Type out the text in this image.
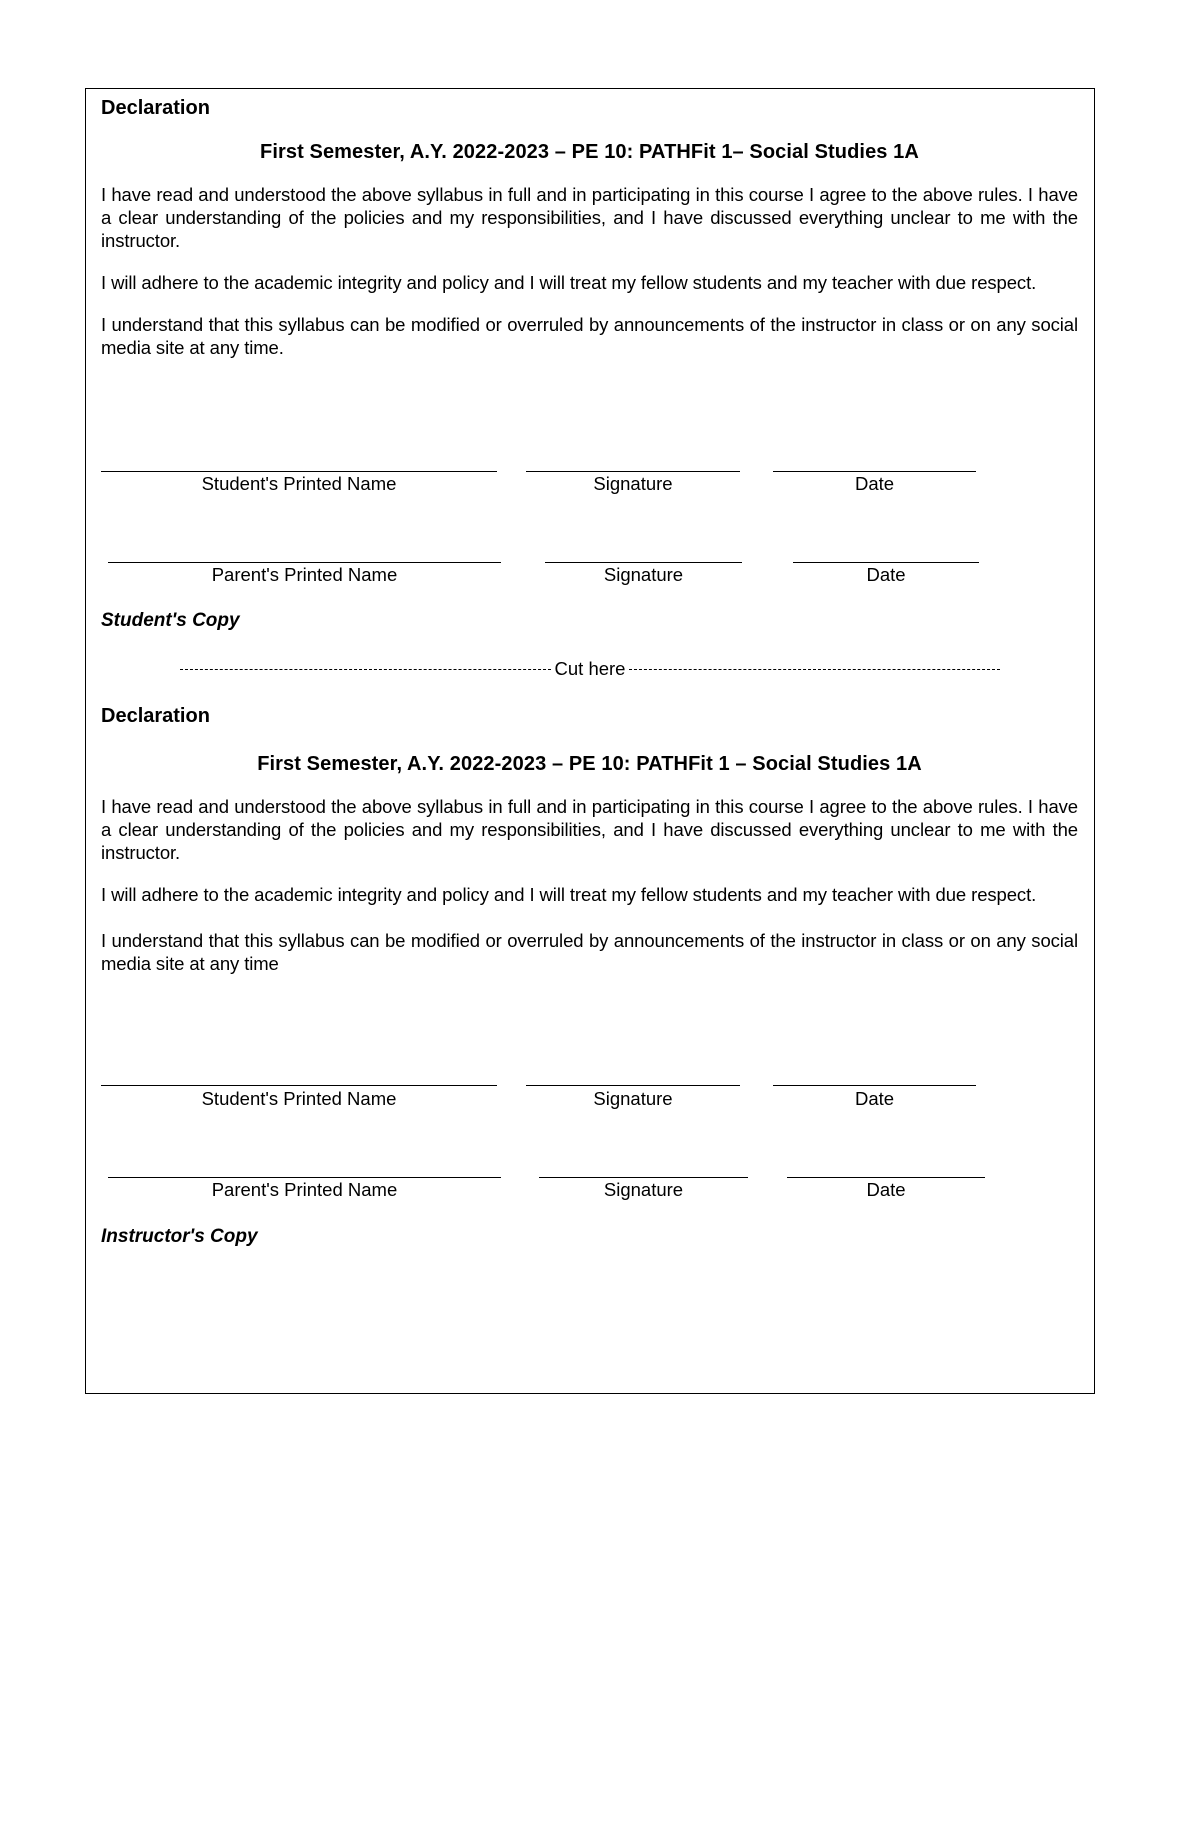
Declaration

First Semester, A.Y. 2022-2023 – PE 10: PATHFit 1– Social Studies 1A

I have read and understood the above syllabus in full and in participating in this course I agree to the above rules. I have a clear understanding of the policies and my responsibilities, and I have discussed everything unclear to me with the instructor.

I will adhere to the academic integrity and policy and I will treat my fellow students and my teacher with due respect.

I understand that this syllabus can be modified or overruled by announcements of the instructor in class or on any social media site at any time.

Student's Printed Name	Signature	Date
Parent's Printed Name	Signature	Date
Student's Copy
Cut here

Declaration

First Semester, A.Y. 2022-2023 – PE 10: PATHFit 1 – Social Studies 1A

I have read and understood the above syllabus in full and in participating in this course I agree to the above rules. I have a clear understanding of the policies and my responsibilities, and I have discussed everything unclear to me with the instructor.

I will adhere to the academic integrity and policy and I will treat my fellow students and my teacher with due respect.

I understand that this syllabus can be modified or overruled by announcements of the instructor in class or on any social media site at any time

Student's Printed Name	Signature	Date
Parent's Printed Name	Signature	Date
Instructor's Copy
